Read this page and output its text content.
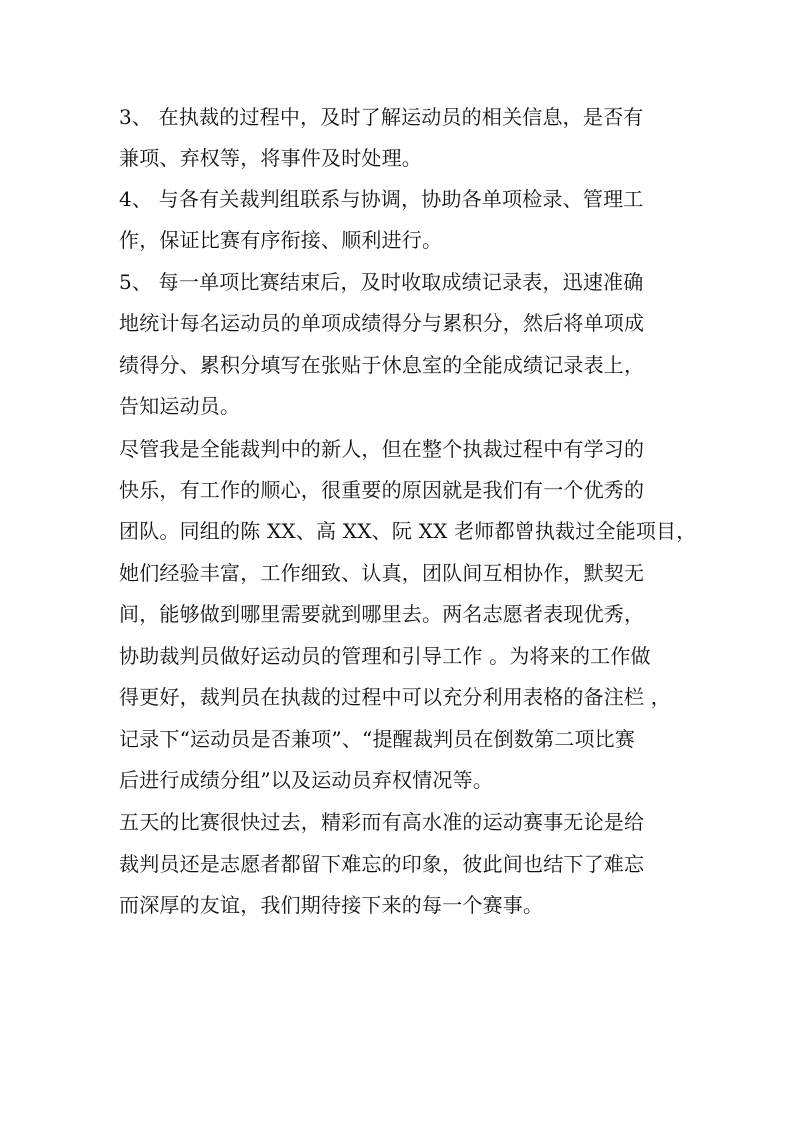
3、 在执裁的过程中，及时了解运动员的相关信息，是否有

兼项、弃权等，将事件及时处理。

4、 与各有关裁判组联系与协调，协助各单项检录、管理工

作，保证比赛有序衔接、顺利进行。

5、 每一单项比赛结束后，及时收取成绩记录表，迅速准确

地统计每名运动员的单项成绩得分与累积分，然后将单项成

绩得分、累积分填写在张贴于休息室的全能成绩记录表上，

告知运动员。

尽管我是全能裁判中的新人，但在整个执裁过程中有学习的

快乐，有工作的顺心，很重要的原因就是我们有一个优秀的

团队。同组的陈 XX、高 XX、阮 XX 老师都曾执裁过全能项目，

她们经验丰富，工作细致、认真，团队间互相协作，默契无

间，能够做到哪里需要就到哪里去。两名志愿者表现优秀，

协助裁判员做好运动员的管理和引导工作 。为将来的工作做

得更好，裁判员在执裁的过程中可以充分利用表格的备注栏 ，

记录下“运动员是否兼项”、“提醒裁判员在倒数第二项比赛

后进行成绩分组”以及运动员弃权情况等。

五天的比赛很快过去，精彩而有高水准的运动赛事无论是给

裁判员还是志愿者都留下难忘的印象，彼此间也结下了难忘

而深厚的友谊，我们期待接下来的每一个赛事。
